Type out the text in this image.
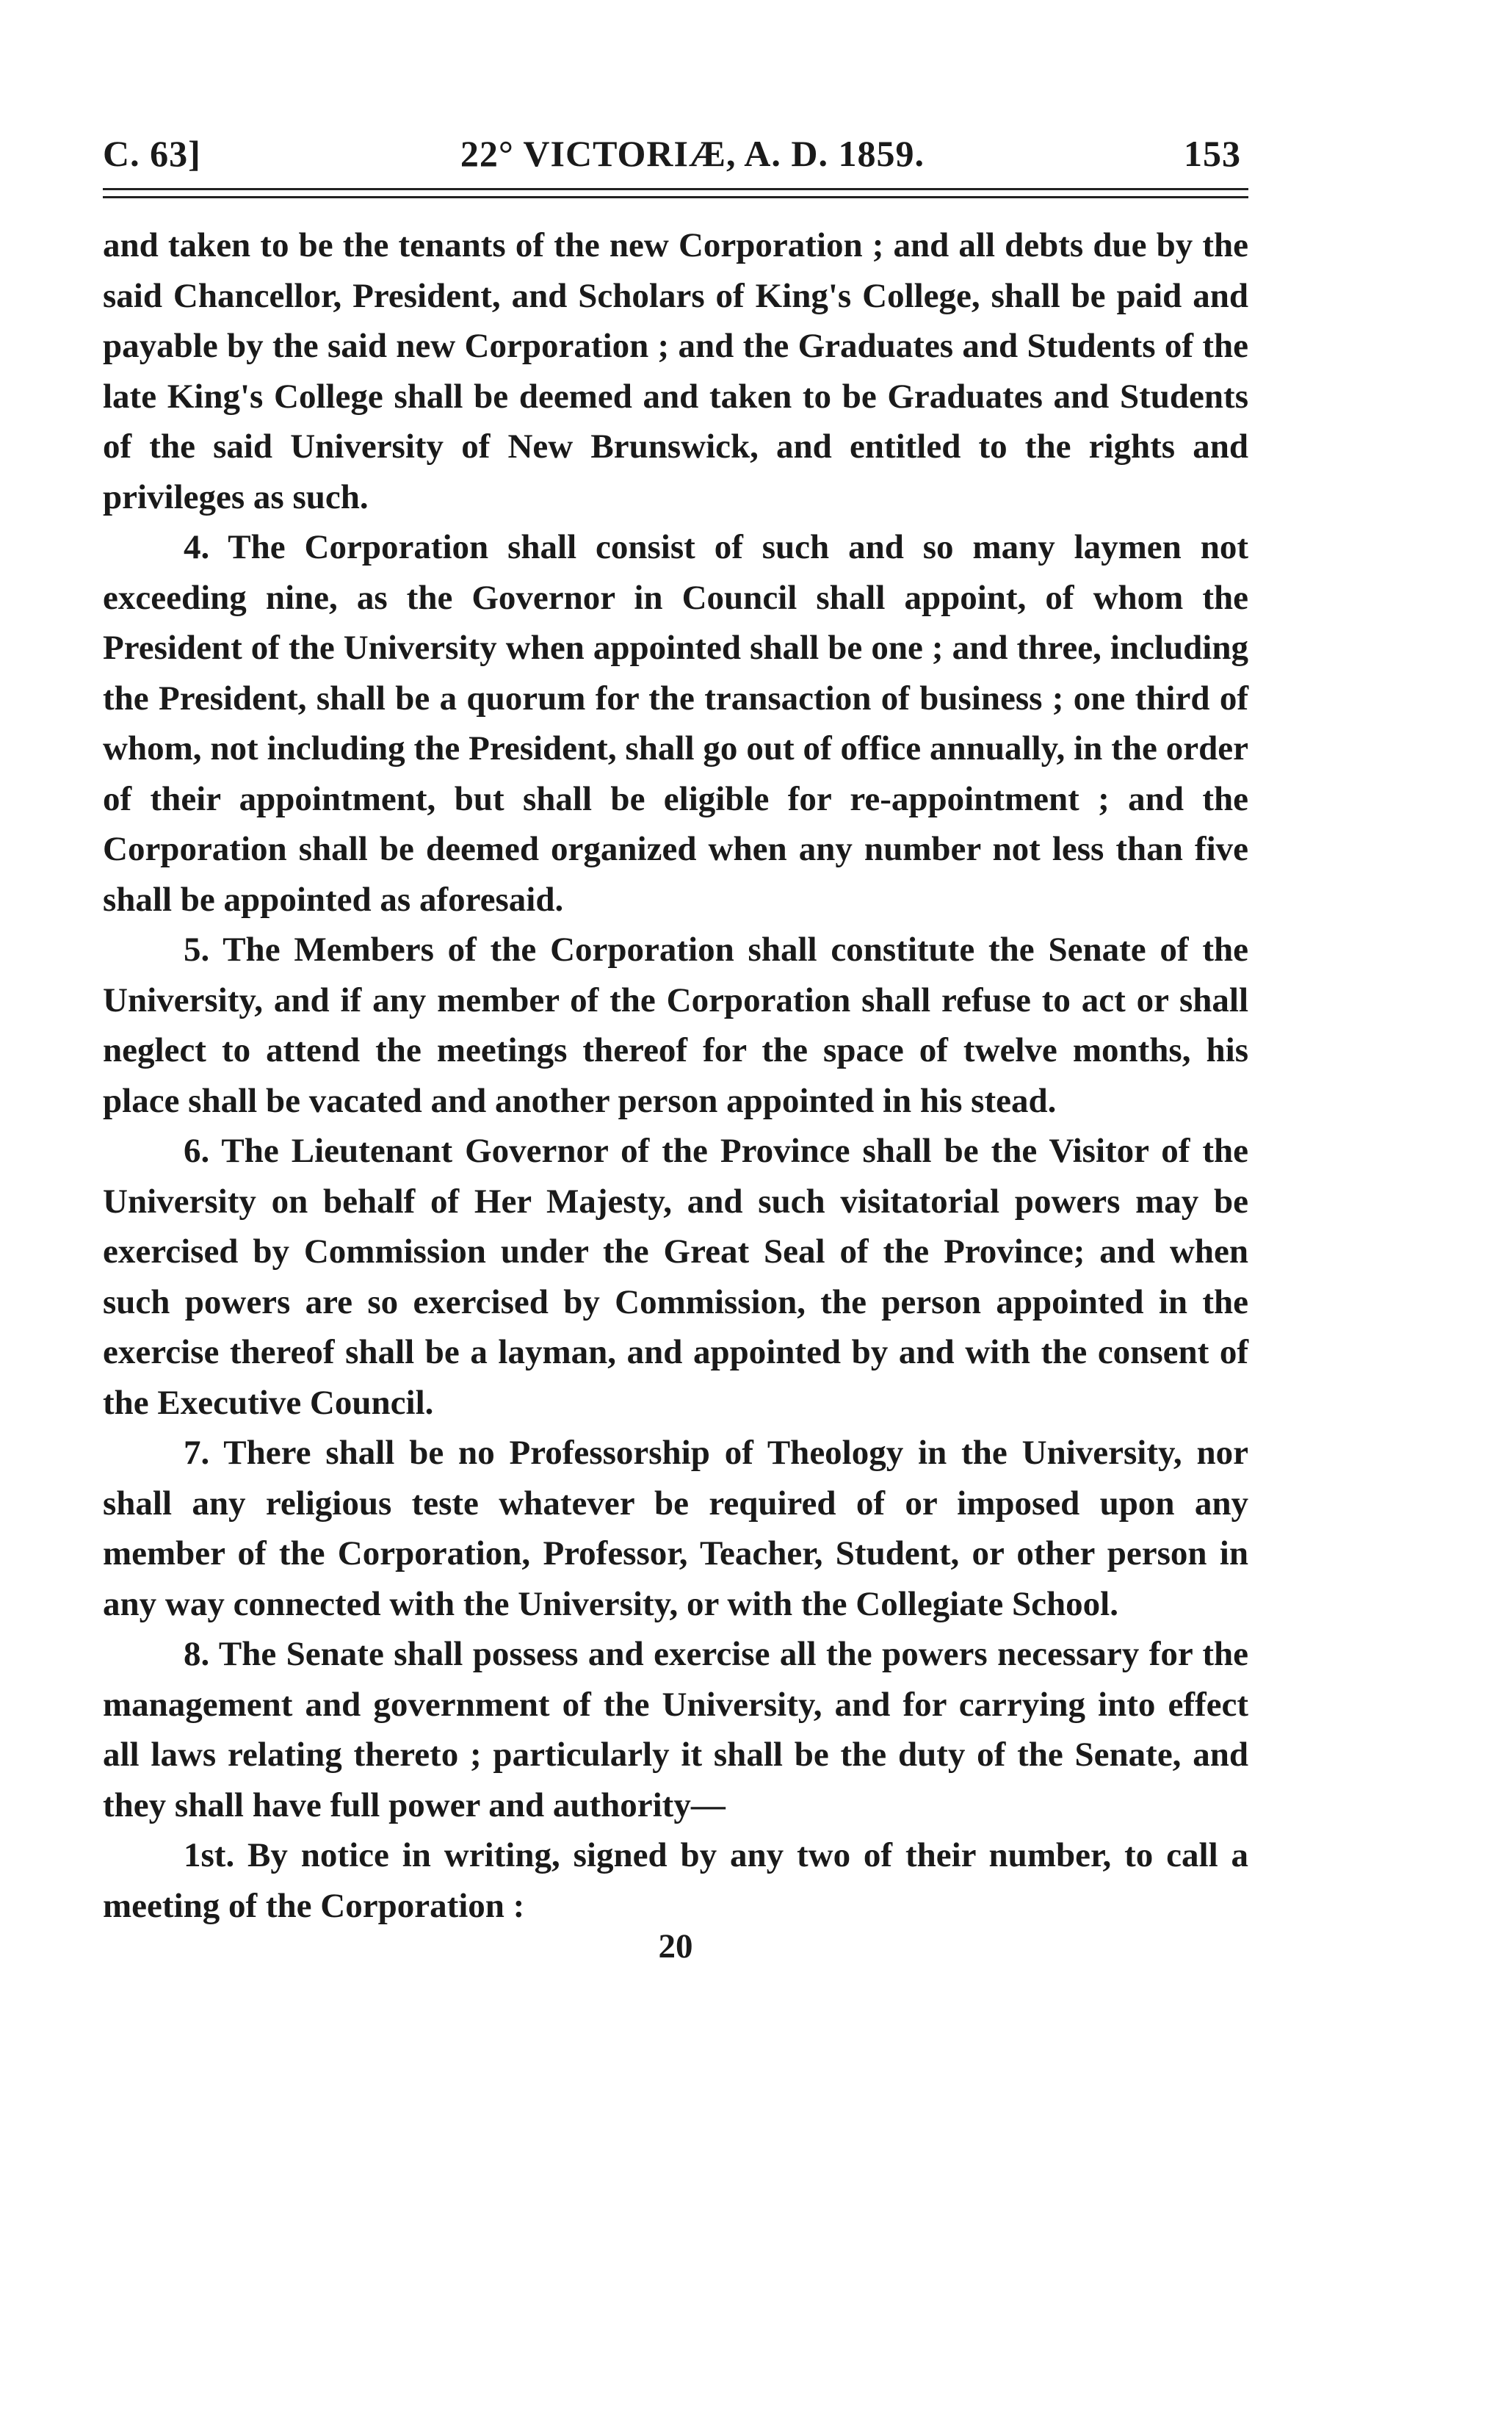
C. 63]	22° VICTORIÆ, A. D. 1859.	153

and taken to be the tenants of the new Corporation ; and all debts due by the said Chancellor, President, and Scholars of King's College, shall be paid and payable by the said new Corporation ; and the Graduates and Students of the late King's College shall be deemed and taken to be Graduates and Students of the said University of New Brunswick, and entitled to the rights and privileges as such.

4. The Corporation shall consist of such and so many laymen not exceeding nine, as the Governor in Council shall appoint, of whom the President of the University when appointed shall be one ; and three, including the President, shall be a quorum for the transaction of business ; one third of whom, not including the President, shall go out of office annually, in the order of their appointment, but shall be eligible for re-appointment ; and the Corporation shall be deemed organized when any number not less than five shall be appointed as aforesaid.

5. The Members of the Corporation shall constitute the Senate of the University, and if any member of the Corporation shall refuse to act or shall neglect to attend the meetings thereof for the space of twelve months, his place shall be vacated and another person appointed in his stead.

6. The Lieutenant Governor of the Province shall be the Visitor of the University on behalf of Her Majesty, and such visitatorial powers may be exercised by Commission under the Great Seal of the Province; and when such powers are so exercised by Commission, the person appointed in the exercise thereof shall be a layman, and appointed by and with the consent of the Executive Council.

7. There shall be no Professorship of Theology in the University, nor shall any religious teste whatever be required of or imposed upon any member of the Corporation, Professor, Teacher, Student, or other person in any way connected with the University, or with the Collegiate School.

8. The Senate shall possess and exercise all the powers necessary for the management and government of the University, and for carrying into effect all laws relating thereto ; particularly it shall be the duty of the Senate, and they shall have full power and authority—

1st. By notice in writing, signed by any two of their number, to call a meeting of the Corporation :

20
